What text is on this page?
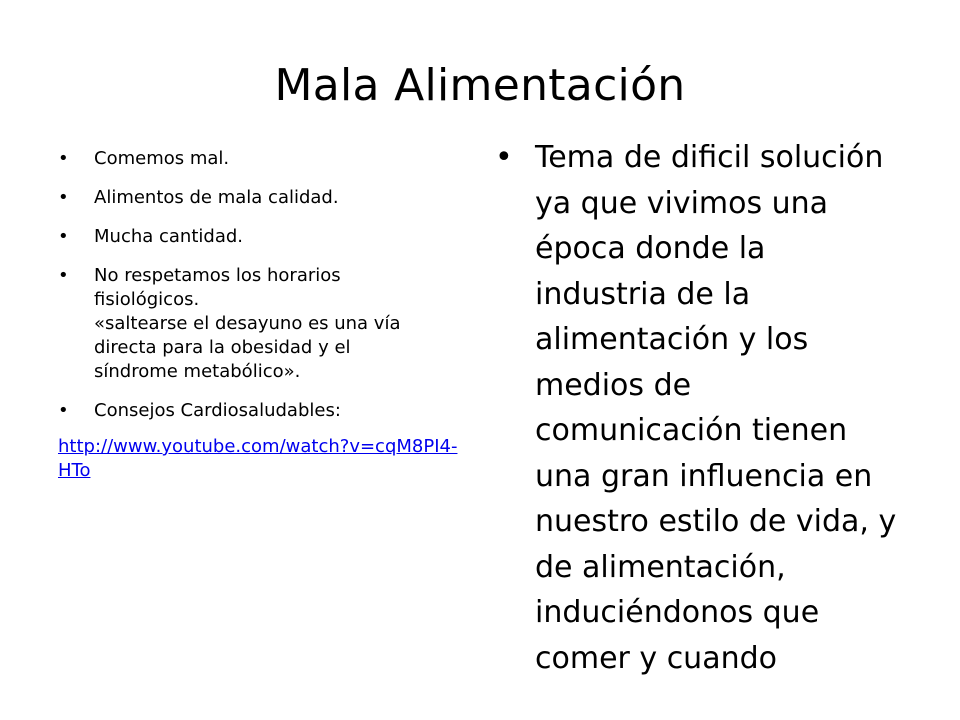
Mala Alimentación
• Comemos mal.
• Alimentos de mala calidad.
• Mucha cantidad.
• No respetamos los horarios
fisiológicos.
«saltearse el desayuno es una vía
directa para la obesidad y el
síndrome metabólico».
• Consejos Cardiosaludables:
http://www.youtube.com/watch?v=cqM8PI4-HTo
• Tema de dificil solución
ya que vivimos una
época donde la
industria de la
alimentación y los
medios de
comunicación tienen
una gran influencia en
nuestro estilo de vida, y
de alimentación,
induciéndonos que
comer y cuando
